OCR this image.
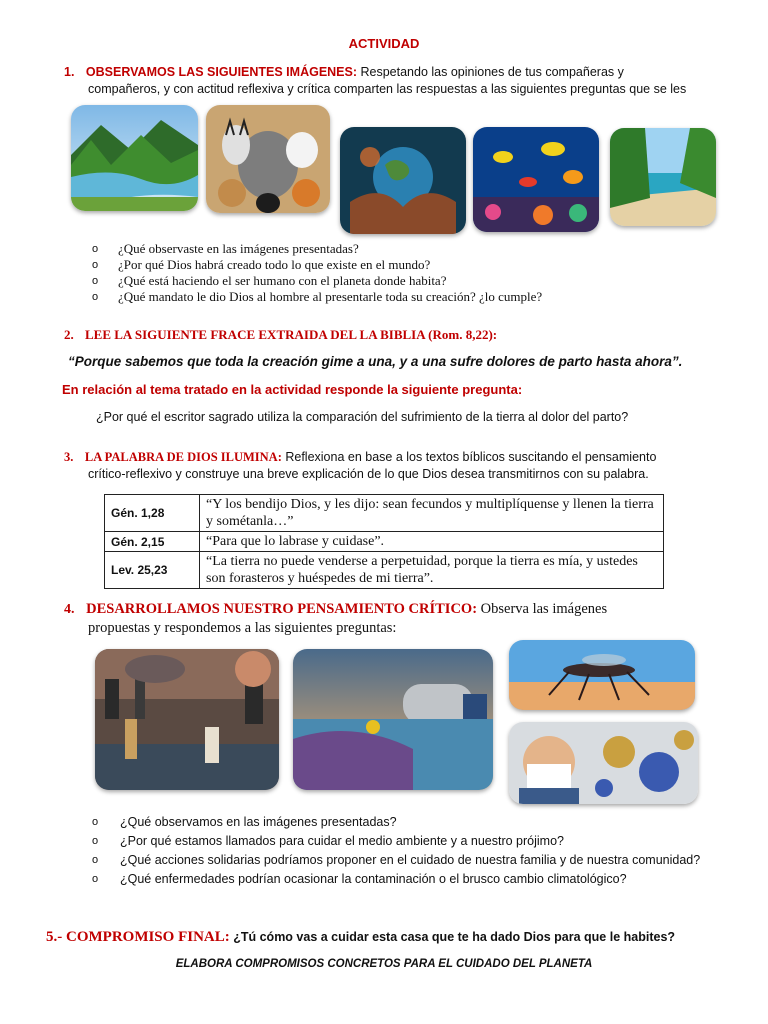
ACTIVIDAD
1. OBSERVAMOS LAS SIGUIENTES IMÁGENES: Respetando las opiniones de tus compañeras y
compañeros, y con actitud reflexiva y crítica comparten las respuestas a las siguientes preguntas que se les
o ¿Qué observaste en las imágenes presentadas?
o ¿Por qué Dios habrá creado todo lo que existe en el mundo?
o ¿Qué está haciendo el ser humano con el planeta donde habita?
o ¿Qué mandato le dio Dios al hombre al presentarle toda su creación? ¿lo cumple?
2. LEE LA SIGUIENTE FRACE EXTRAIDA DEL LA BIBLIA (Rom. 8,22):
“Porque sabemos que toda la creación gime a una, y a una sufre dolores de parto hasta ahora”.
En relación al tema tratado en la actividad responde la siguiente pregunta:
¿Por qué el escritor sagrado utiliza la comparación del sufrimiento de la tierra al dolor del parto?
3. LA PALABRA DE DIOS ILUMINA: Reflexiona en base a los textos bíblicos suscitando el pensamiento
crítico-reflexivo y construye una breve explicación de lo que Dios desea transmitirnos con su palabra.
Gén. 1,28	“Y los bendijo Dios, y les dijo: sean fecundos y multiplíquense y llenen la tierra y sométanla…”
Gén. 2,15	“Para que lo labrase y cuidase”.
Lev. 25,23	“La tierra no puede venderse a perpetuidad, porque la tierra es mía, y ustedes son forasteros y huéspedes de mi tierra”.
4. DESARROLLAMOS NUESTRO PENSAMIENTO CRÍTICO: Observa las imágenes
propuestas y respondemos a las siguientes preguntas:
o ¿Qué observamos en las imágenes presentadas?
o ¿Por qué estamos llamados para cuidar el medio ambiente y a nuestro prójimo?
o ¿Qué acciones solidarias podríamos proponer en el cuidado de nuestra familia y de nuestra comunidad?
o ¿Qué enfermedades podrían ocasionar la contaminación o el brusco cambio climatológico?
5.- COMPROMISO FINAL: ¿Tú cómo vas a cuidar esta casa que te ha dado Dios para que le habites?
ELABORA COMPROMISOS CONCRETOS PARA EL CUIDADO DEL PLANETA
